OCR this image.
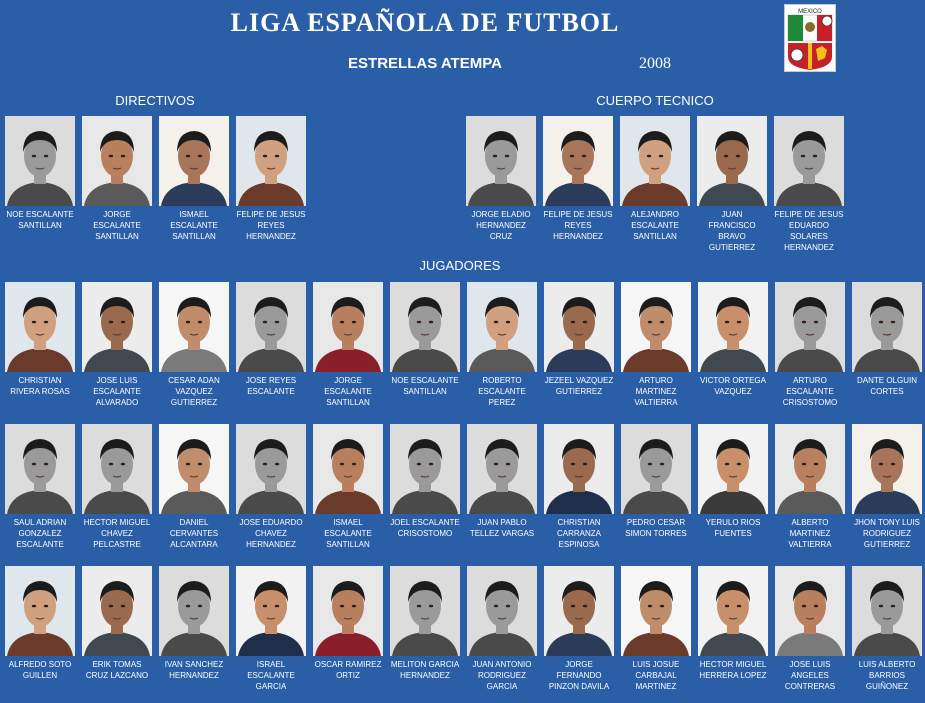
LIGA ESPAÑOLA DE FUTBOL
ESTRELLAS ATEMPA	2008
MEXICO
DIRECTIVOS	CUERPO TECNICO
JUGADORES
NOE ESCALANTE SANTILLAN
JORGE ESCALANTE SANTILLAN
ISMAEL ESCALANTE SANTILLAN
FELIPE DE JESUS REYES HERNANDEZ
JORGE ELADIO HERNANDEZ CRUZ
FELIPE DE JESUS REYES HERNANDEZ
ALEJANDRO ESCALANTE SANTILLAN
JUAN FRANCISCO BRAVO GUTIERREZ
FELIPE DE JESUS EDUARDO SOLARES HERNANDEZ
CHRISTIAN RIVERA ROSAS
JOSE LUIS ESCALANTE ALVARADO
CESAR ADAN VAZQUEZ GUTIERREZ
JOSE REYES ESCALANTE
JORGE ESCALANTE SANTILLAN
NOE ESCALANTE SANTILLAN
ROBERTO ESCALANTE PEREZ
JEZEEL VAZQUEZ GUTIERREZ
ARTURO MARTINEZ VALTIERRA
VICTOR ORTEGA VAZQUEZ
ARTURO ESCALANTE CRISOSTOMO
DANTE OLGUIN CORTES
SAUL ADRIAN GONZALEZ ESCALANTE
HECTOR MIGUEL CHAVEZ PELCASTRE
DANIEL CERVANTES ALCANTARA
JOSE EDUARDO CHAVEZ HERNANDEZ
ISMAEL ESCALANTE SANTILLAN
JOEL ESCALANTE CRISOSTOMO
JUAN PABLO TELLEZ VARGAS
CHRISTIAN CARRANZA ESPINOSA
PEDRO CESAR SIMON TORRES
YERULO RIOS FUENTES
ALBERTO MARTINEZ VALTIERRA
JHON TONY LUIS RODRIGUEZ GUTIERREZ
ALFREDO SOTO GUILLEN
ERIK TOMAS CRUZ LAZCANO
IVAN SANCHEZ HERNANDEZ
ISRAEL ESCALANTE GARCIA
OSCAR RAMIREZ ORTIZ
MELITON GARCIA HERNANDEZ
JUAN ANTONIO RODRIGUEZ GARCIA
JORGE FERNANDO PINZON DAVILA
LUIS JOSUE CARBAJAL MARTINEZ
HECTOR MIGUEL HERRERA LOPEZ
JOSE LUIS ANGELES CONTRERAS
LUIS ALBERTO BARRIOS GUIÑONEZ
